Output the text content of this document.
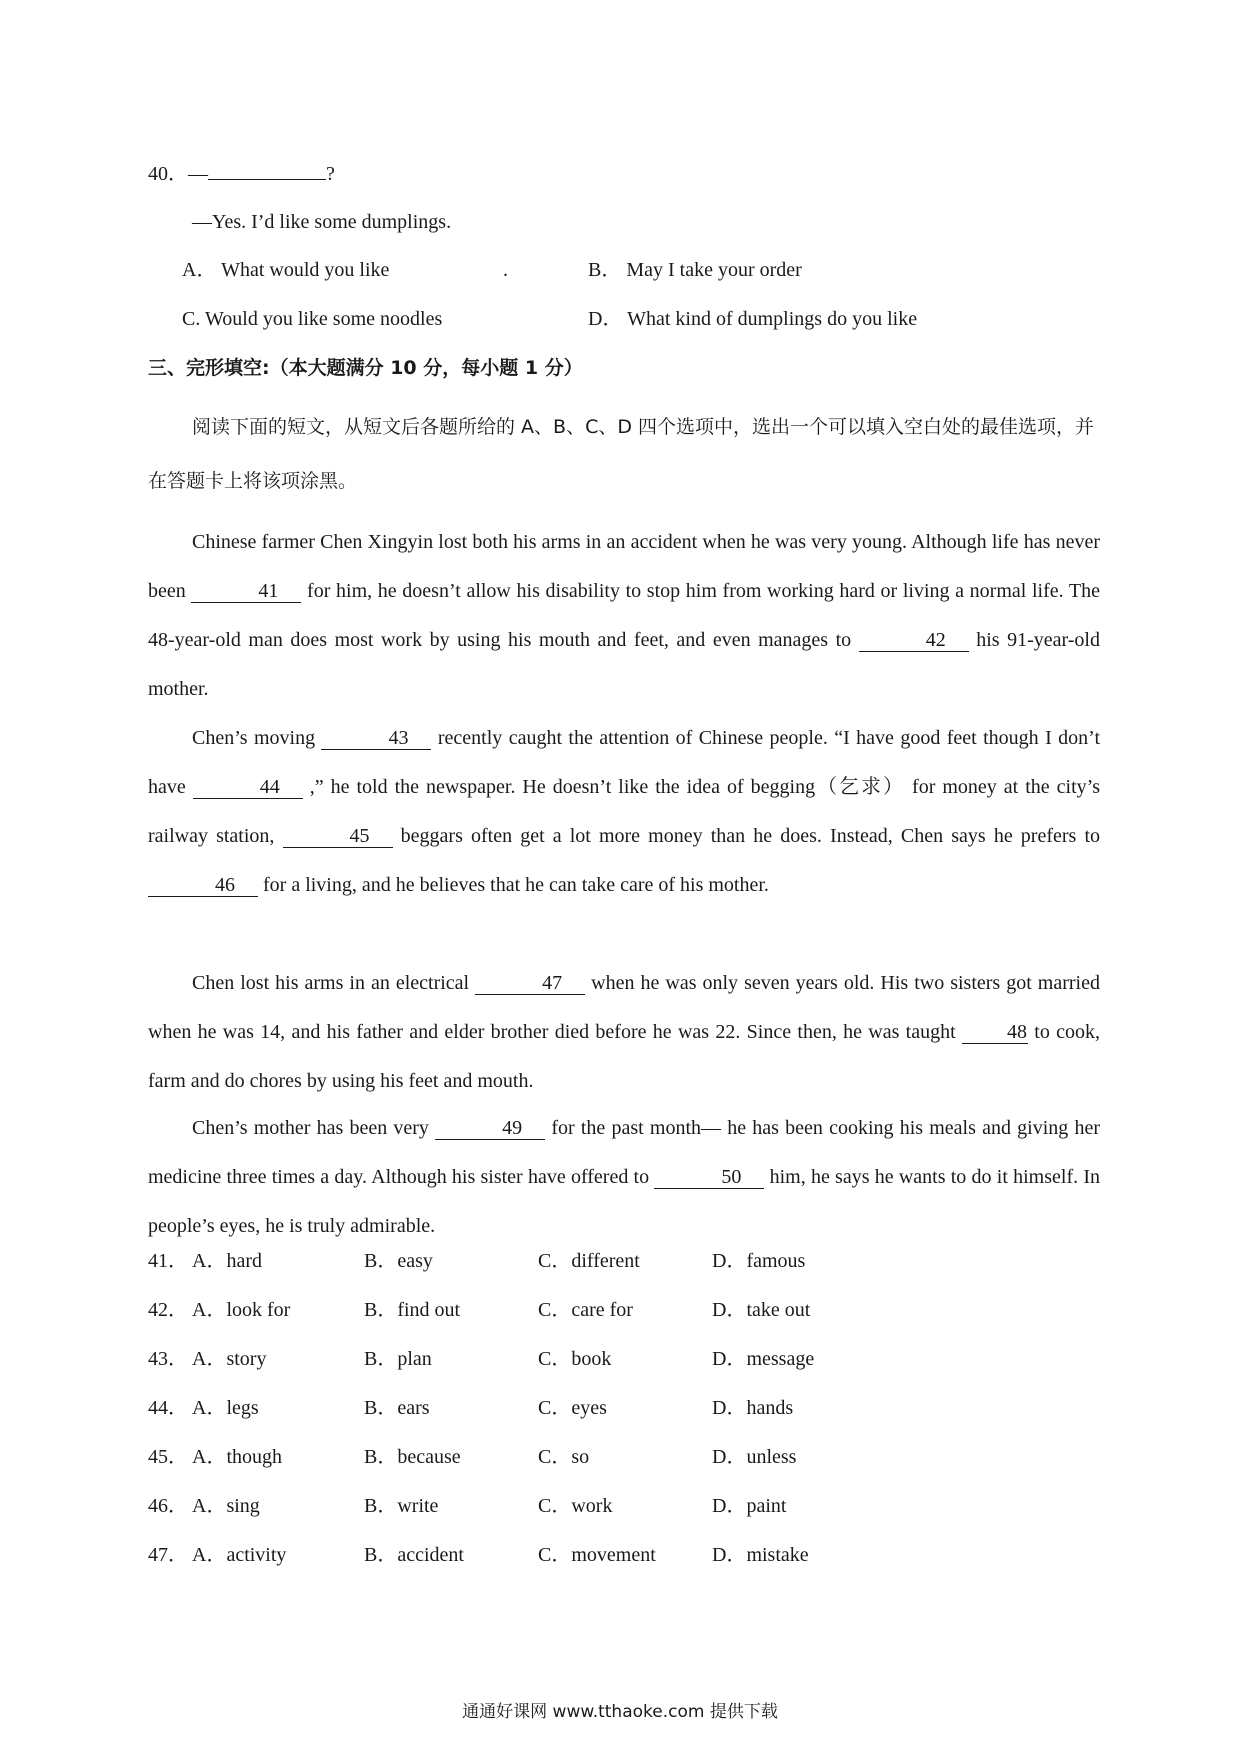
40．—	?
—Yes. I’d like some dumplings.
A． What would you like	.	B． May I take your order
C. Would you like some noodles	D． What kind of dumplings do you like
三、完形填空:（本大题满分 10 分，每小题 1 分）
阅读下面的短文，从短文后各题所给的 A、B、C、D 四个选项中，选出一个可以填入空白处的最佳选项，并在答题卡上将该项涂黑。

Chinese farmer Chen Xingyin lost both his arms in an accident when he was very young. Although life has never been	41 for him, he doesn’t allow his disability to stop him from working hard or living a normal life. The 48-year-old man does most work by using his mouth and feet, and even manages to	42 his 91-year-old mother.

Chen’s moving	43 recently caught the attention of Chinese people. “I have good feet though I don’t have	44 ,” he told the newspaper. He doesn’t like the idea of begging（乞求） for money at the city’s railway station,	45 beggars often get a lot more money than he does. Instead, Chen says he prefers to 46 for a living, and he believes that he can take care of his mother.

Chen lost his arms in an electrical	47 when he was only seven years old. His two sisters got married when he was 14, and his father and elder brother died before he was 22. Since then, he was taught 48 to cook, farm and do chores by using his feet and mouth.

Chen’s mother has been very	49 for the past month— he has been cooking his meals and giving her medicine three times a day. Although his sister have offered to	50 him, he says he wants to do it himself. In people’s eyes, he is truly admirable.

41． A．hard	B．easy	C．different	D．famous
42． A．look for	B．find out	C．care for	D．take out
43． A．story	B．plan	C．book	D．message
44． A．legs	B．ears	C．eyes	D．hands
45． A．though	B．because	C．so	D．unless
46． A．sing	B．write	C．work	D．paint
47． A．activity	B．accident	C．movement	D．mistake
通通好课网 www.tthaoke.com 提供下载
